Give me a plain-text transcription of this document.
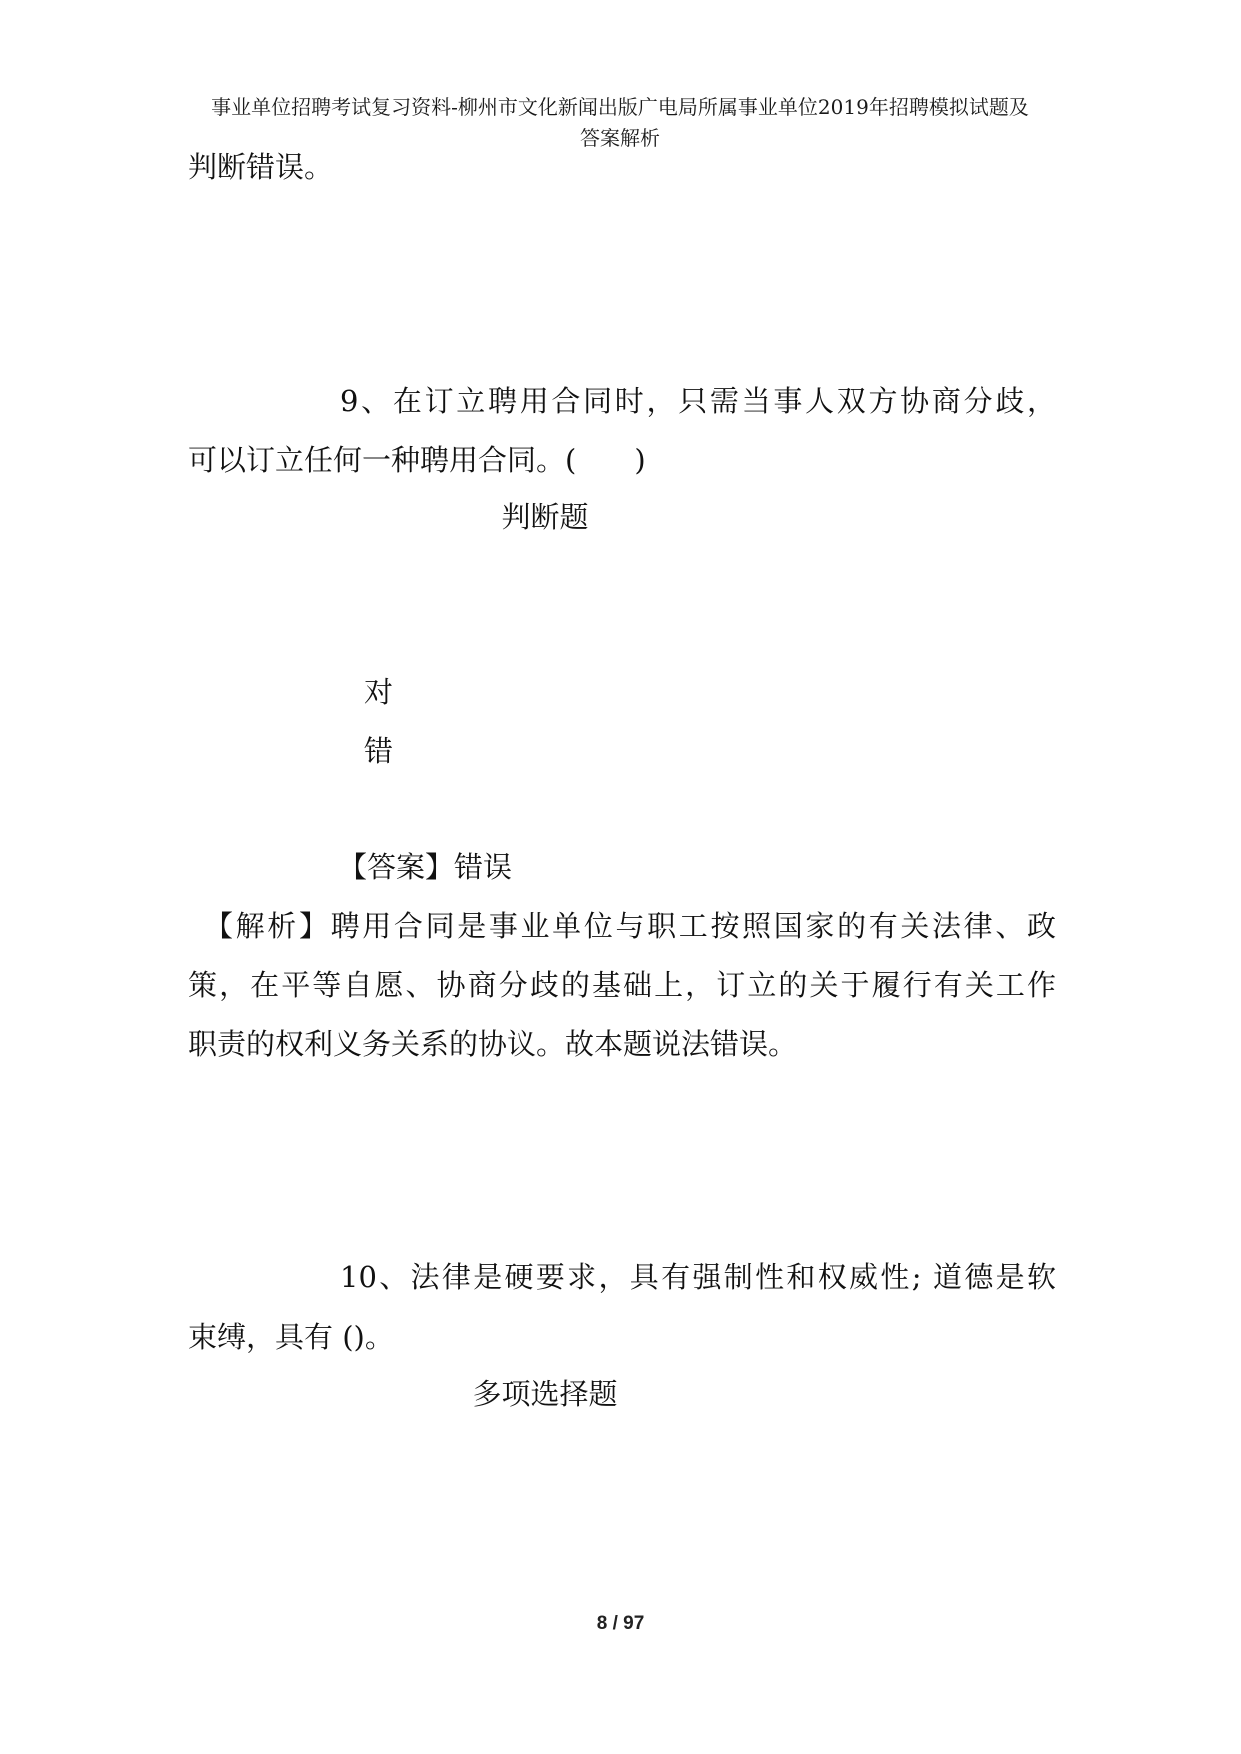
事业单位招聘考试复习资料-柳州市文化新闻出版广电局所属事业单位2019年招聘模拟试题及
答案解析
判断错误。
9、在订立聘用合同时，只需当事人双方协商分歧，
可以订立任何一种聘用合同。(　　)
判断题
对
错
【答案】错误
【解析】聘用合同是事业单位与职工按照国家的有关法律、政
策，在平等自愿、协商分歧的基础上，订立的关于履行有关工作
职责的权利义务关系的协议。故本题说法错误。
10、法律是硬要求，具有强制性和权威性; 道德是软
束缚，具有 ()。
多项选择题
8 / 97
